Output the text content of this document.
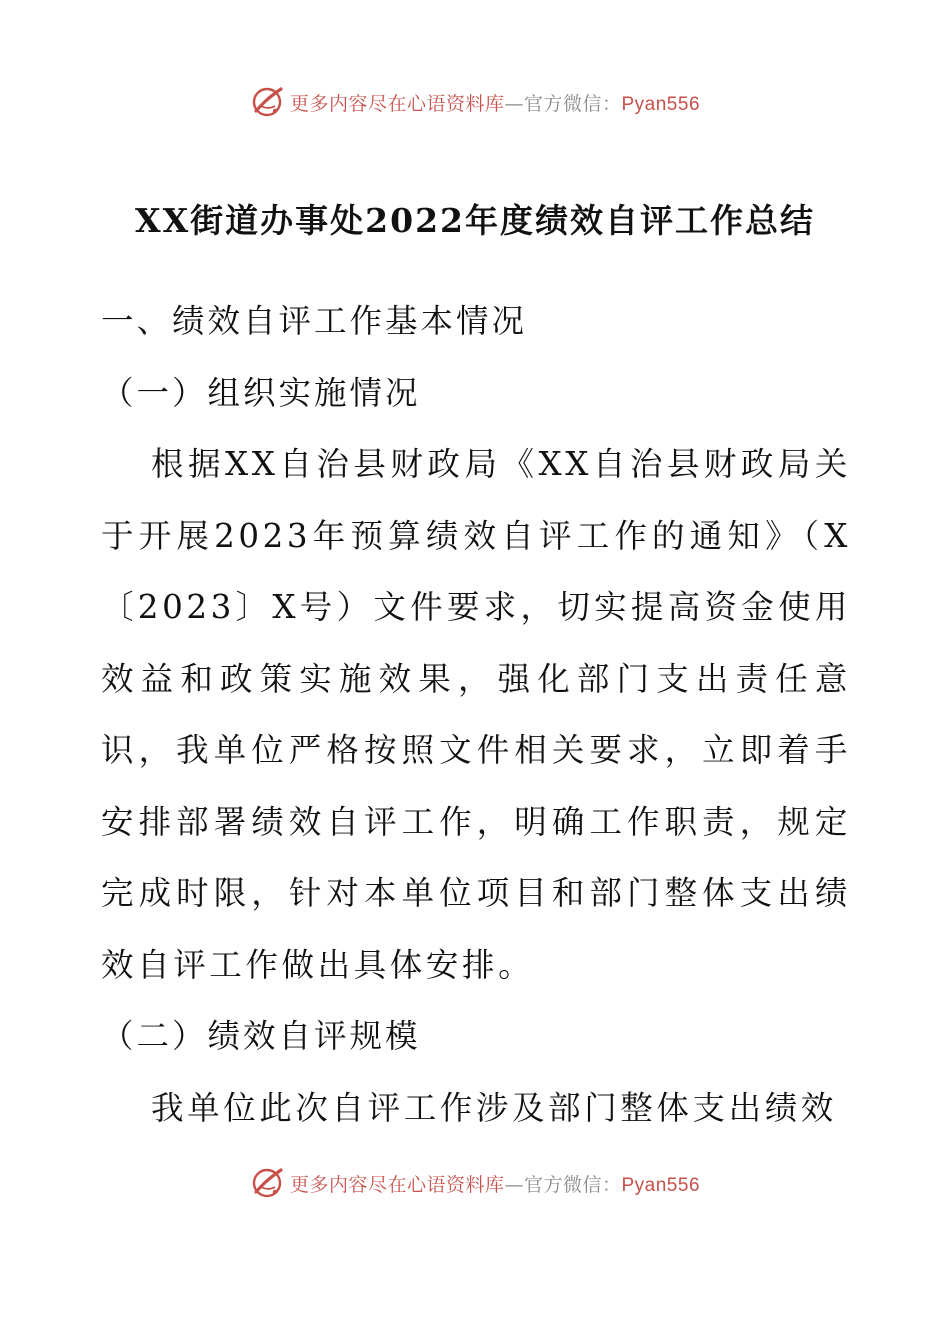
更多内容尽在心语资料库—官方微信：Pyan556
XX街道办事处2022年度绩效自评工作总结

一、绩效自评工作基本情况

（一）组织实施情况

根据XX自治县财政局《XX自治县财政局关于开展2023年预算绩效自评工作的通知》（X〔2023〕X号）文件要求，切实提高资金使用效益和政策实施效果，强化部门支出责任意识，我单位严格按照文件相关要求，立即着手安排部署绩效自评工作，明确工作职责，规定完成时限，针对本单位项目和部门整体支出绩效自评工作做出具体安排。

（二）绩效自评规模

我单位此次自评工作涉及部门整体支出绩效

更多内容尽在心语资料库—官方微信：Pyan556
